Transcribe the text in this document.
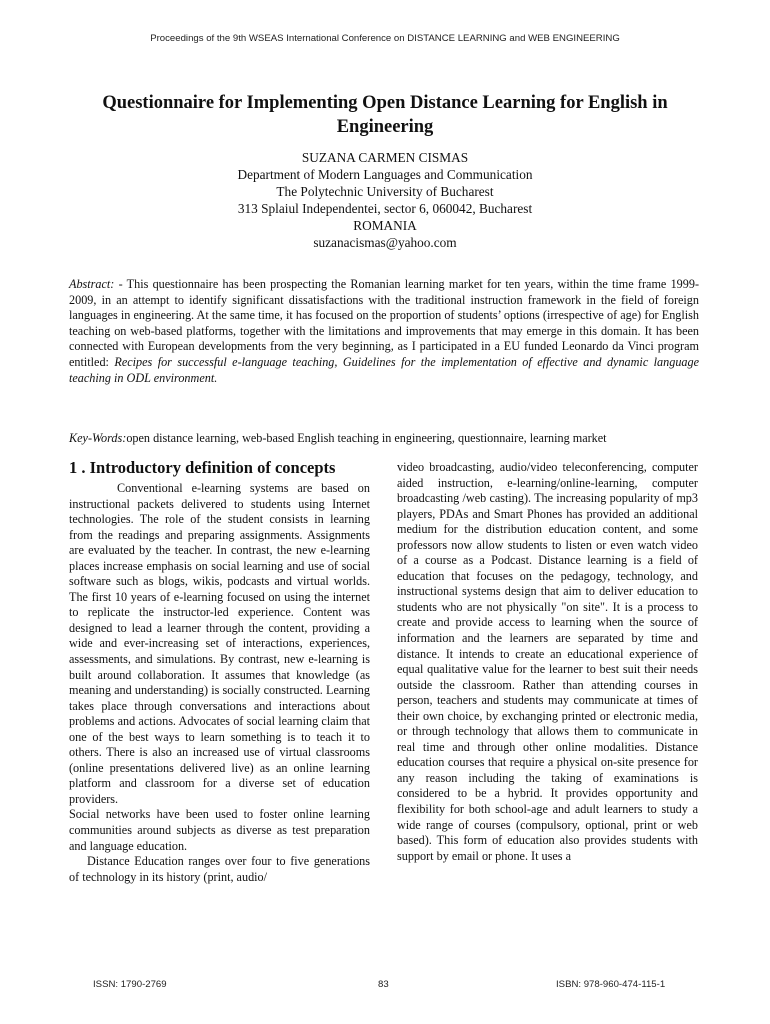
Proceedings of the 9th WSEAS International Conference on DISTANCE LEARNING and WEB ENGINEERING
Questionnaire for Implementing Open Distance Learning for English in Engineering
SUZANA CARMEN CISMAS
Department of Modern Languages and Communication
The Polytechnic University of Bucharest
313 Splaiul Independentei, sector 6, 060042, Bucharest
ROMANIA
suzanacismas@yahoo.com

Abstract: - This questionnaire has been prospecting the Romanian learning market for ten years, within the time frame 1999-2009, in an attempt to identify significant dissatisfactions with the traditional instruction framework in the field of foreign languages in engineering. At the same time, it has focused on the proportion of students’ options (irrespective of age) for English teaching on web-based platforms, together with the limitations and improvements that may emerge in this domain. It has been connected with European developments from the very beginning, as I participated in a EU funded Leonardo da Vinci program entitled: Recipes for successful e-language teaching, Guidelines for the implementation of effective and dynamic language teaching in ODL environment.

Key-Words:open distance learning, web-based English teaching in engineering, questionnaire, learning market

1 . Introductory definition of concepts

Conventional e-learning systems are based on instructional packets delivered to students using Internet technologies. The role of the student consists in learning from the readings and preparing assignments. Assignments are evaluated by the teacher. In contrast, the new e-learning places increase emphasis on social learning and use of social software such as blogs, wikis, podcasts and virtual worlds. The first 10 years of e-learning focused on using the internet to replicate the instructor-led experience. Content was designed to lead a learner through the content, providing a wide and ever-increasing set of interactions, experiences, assessments, and simulations. By contrast, new e-learning is built around collaboration. It assumes that knowledge (as meaning and understanding) is socially constructed. Learning takes place through conversations and interactions about problems and actions. Advocates of social learning claim that one of the best ways to learn something is to teach it to others. There is also an increased use of virtual classrooms (online presentations delivered live) as an online learning platform and classroom for a diverse set of education providers.

Social networks have been used to foster online learning communities around subjects as diverse as test preparation and language education.

Distance Education ranges over four to five generations of technology in its history (print, audio/

video broadcasting, audio/video teleconferencing, computer aided instruction, e-learning/online-learning, computer broadcasting /web casting). The increasing popularity of mp3 players, PDAs and Smart Phones has provided an additional medium for the distribution education content, and some professors now allow students to listen or even watch video of a course as a Podcast. Distance learning is a field of education that focuses on the pedagogy, technology, and instructional systems design that aim to deliver education to students who are not physically "on site". It is a process to create and provide access to learning when the source of information and the learners are separated by time and distance. It intends to create an educational experience of equal qualitative value for the learner to best suit their needs outside the classroom. Rather than attending courses in person, teachers and students may communicate at times of their own choice, by exchanging printed or electronic media, or through technology that allows them to communicate in real time and through other online modalities. Distance education courses that require a physical on-site presence for any reason including the taking of examinations is considered to be a hybrid. It provides opportunity and flexibility for both school-age and adult learners to study a wide range of courses (compulsory, optional, print or web based). This form of education also provides students with support by email or phone. It uses a

ISSN: 1790-2769	83	ISBN: 978-960-474-115-1
